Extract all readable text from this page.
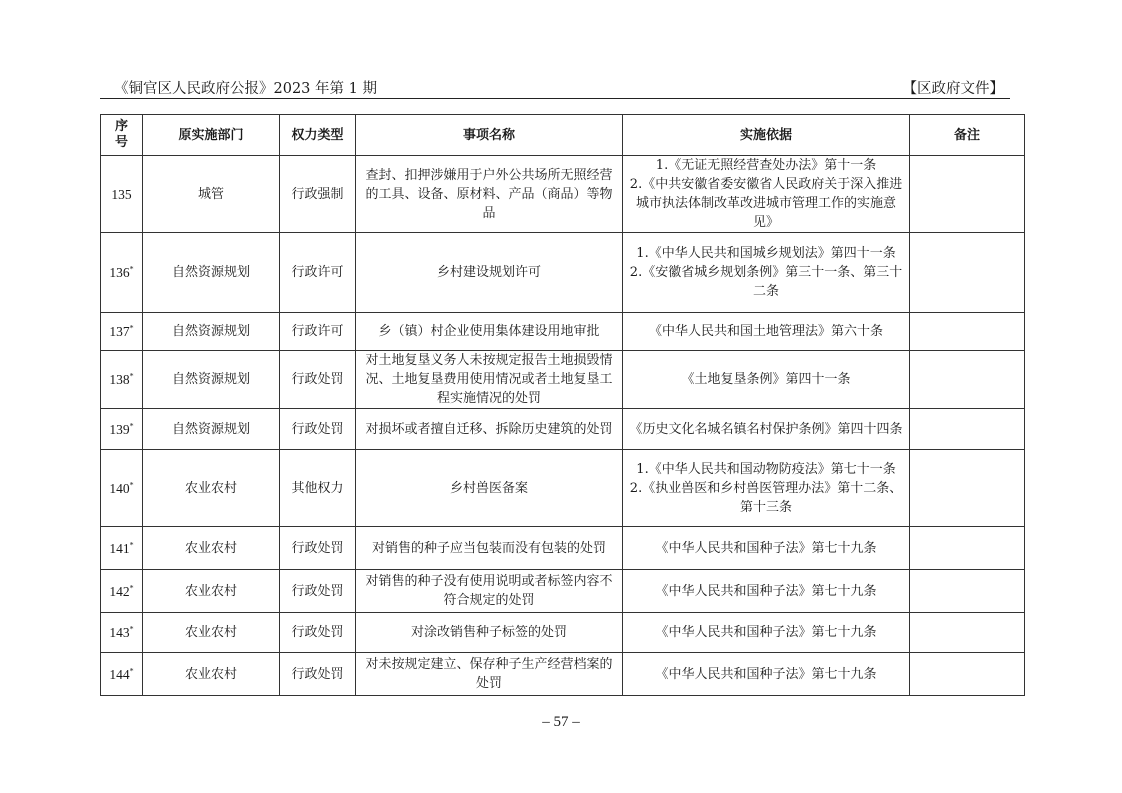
《铜官区人民政府公报》2023 年第 1 期	【区政府文件】
序
号	原实施部门	权力类型	事项名称	实施依据	备注
135	城管	行政强制	查封、扣押涉嫌用于户外公共场所无照经营的工具、设备、原材料、产品（商品）等物品	1.《无证无照经营查处办法》第十一条
2.《中共安徽省委安徽省人民政府关于深入推进城市执法体制改革改进城市管理工作的实施意见》	

136*	自然资源规划	行政许可	乡村建设规划许可	1.《中华人民共和国城乡规划法》第四十一条
2.《安徽省城乡规划条例》第三十一条、第三十二条	

137*	自然资源规划	行政许可	乡（镇）村企业使用集体建设用地审批	《中华人民共和国土地管理法》第六十条	

138*	自然资源规划	行政处罚	对土地复垦义务人未按规定报告土地损毁情况、土地复垦费用使用情况或者土地复垦工程实施情况的处罚	《土地复垦条例》第四十一条	

139*	自然资源规划	行政处罚	对损坏或者擅自迁移、拆除历史建筑的处罚	《历史文化名城名镇名村保护条例》第四十四条	

140*	农业农村	其他权力	乡村兽医备案	1.《中华人民共和国动物防疫法》第七十一条
2.《执业兽医和乡村兽医管理办法》第十二条、第十三条	

141*	农业农村	行政处罚	对销售的种子应当包装而没有包装的处罚	《中华人民共和国种子法》第七十九条	

142*	农业农村	行政处罚	对销售的种子没有使用说明或者标签内容不符合规定的处罚	《中华人民共和国种子法》第七十九条	

143*	农业农村	行政处罚	对涂改销售种子标签的处罚	《中华人民共和国种子法》第七十九条	

144*	农业农村	行政处罚	对未按规定建立、保存种子生产经营档案的处罚	《中华人民共和国种子法》第七十九条	

– 57 –
